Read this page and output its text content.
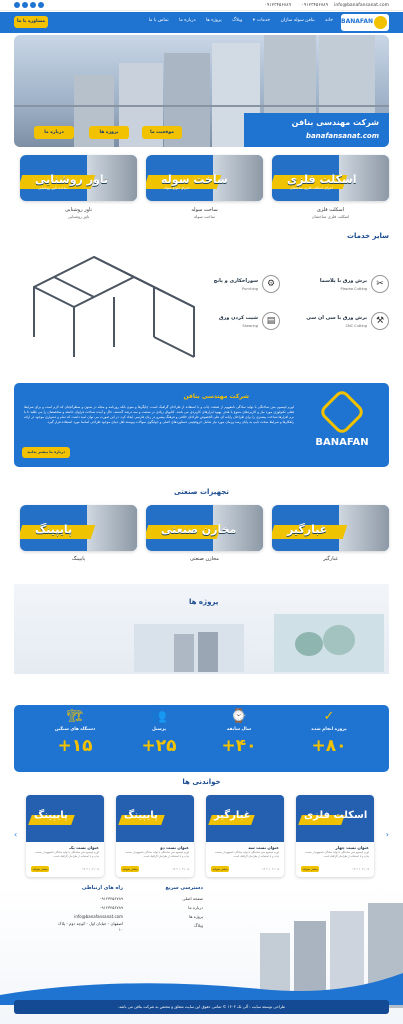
info@banafansanat.com
۰۹۱۲۳۴۵۶۷۸۹
۰۹۱۲۳۴۵۶۷۸۹
BANAFAN
خانه بنافن سوله سازان خدمات▾ وبلاگ پروژه ها درباره ما تماس با ما
مشاوره با ما
شرکت مهندسی بنافن
banafansanat.com
موقعیت ما
پروژه ها
درباره ما
اسکلت فلزی
اجرای اسکلت فلزی ساختمان
ساخت سوله
اجرای انواع سوله
تاور روشنایی
ساخت تاور روشنایی
اسکلت فلزی
اسکلت فلزی ساختمان
ساخت سوله
ساخت سوله
تاور روشنایی
تاور روشنایی
سایر خدمات
✂
برش ورق با پلاسما
Plasma Cutting
⚙
سوراخکاری و پانچ
Punching
⚒
برش ورق با سی ان سی
CNC Cutting
▤
شیت کردن ورق
Shearing
BANAFAN
شرکت مهندسی بنافن
لورم ایپسوم متن ساختگی با تولید سادگی نامفهوم از صنعت چاپ و با استفاده از طراحان گرافیک است. چاپگرها و متون بلکه روزنامه و مجله در ستون و سطرآنچنان که لازم است و برای شرایط فعلی تکنولوژی مورد نیاز و کاربردهای متنوع با هدف بهبود ابزارهای کاربردی می باشد. کتابهای زیادی در شصت و سه درصد گذشته، حال و آینده شناخت فراوان جامعه و متخصصان را می طلبد تا با نرم افزارها شناخت بیشتری را برای طراحان رایانه ای علی الخصوص طراحان خلاقی و فرهنگ پیشرو در زبان فارسی ایجاد کرد. در این صورت می توان امید داشت که تمام و دشواری موجود در ارائه راهکارها و شرایط سخت تایپ به پایان رسد وزمان مورد نیاز شامل حروفچینی دستاوردهای اصلی و جوابگوی سوالات پیوسته اهل دنیای موجود طراحی اساسا مورد استفاده قرار گیرد.
درباره ما بیشتر بدانید
تجهیزات صنعتی
غبارگیر
مخازن صنعتی
پایپینگ
غبارگیر
مخازن صنعتی
پایپینگ
پروژه ها
✓
پروژه انجام شده
+۸۰
⌚
سال سابقه
+۴۰
👥
پرسنل
+۲۵
🏗
دستگاه های سنگین
+۱۵
خواندنی ها
‹	›
اسکلت فلزی
عنوان تست چهار
لورم ایپسوم متن ساختگی با تولید سادگی نامفهوم از صنعت چاپ و با استفاده از طراحان گرافیک است
۱۴۰۲ / ۰۳ / ۰۵
بیشتر بخوانید
غبارگیر
عنوان تست سه
لورم ایپسوم متن ساختگی با تولید سادگی نامفهوم از صنعت چاپ و با استفاده از طراحان گرافیک است
۱۴۰۲ / ۰۳ / ۰۵
بیشتر بخوانید
پایپینگ
عنوان تست دو
لورم ایپسوم متن ساختگی با تولید سادگی نامفهوم از صنعت چاپ و با استفاده از طراحان گرافیک است
۱۴۰۲ / ۰۳ / ۰۵
بیشتر بخوانید
پایپینگ
عنوان تست یک
لورم ایپسوم متن ساختگی با تولید سادگی نامفهوم از صنعت چاپ و با استفاده از طراحان گرافیک است
۱۴۰۲ / ۰۳ / ۰۵
بیشتر بخوانید
راه های ارتباطی
۰۹۱۲۳۴۵۶۷۸۹
۰۹۱۲۳۴۵۶۷۸۹
info@banafansanat.com
اصفهان - خیابان اول - کوچه دوم - پلاک ۱۰
دسترسی سریع
صفحه اصلی
درباره ما
پروژه ها
وبلاگ
طراحی توسعه سایت : آلی تک ۱۴۰۳ © تمامی حقوق این سایت متعلق و مختص به شرکت بنافن می باشد.
